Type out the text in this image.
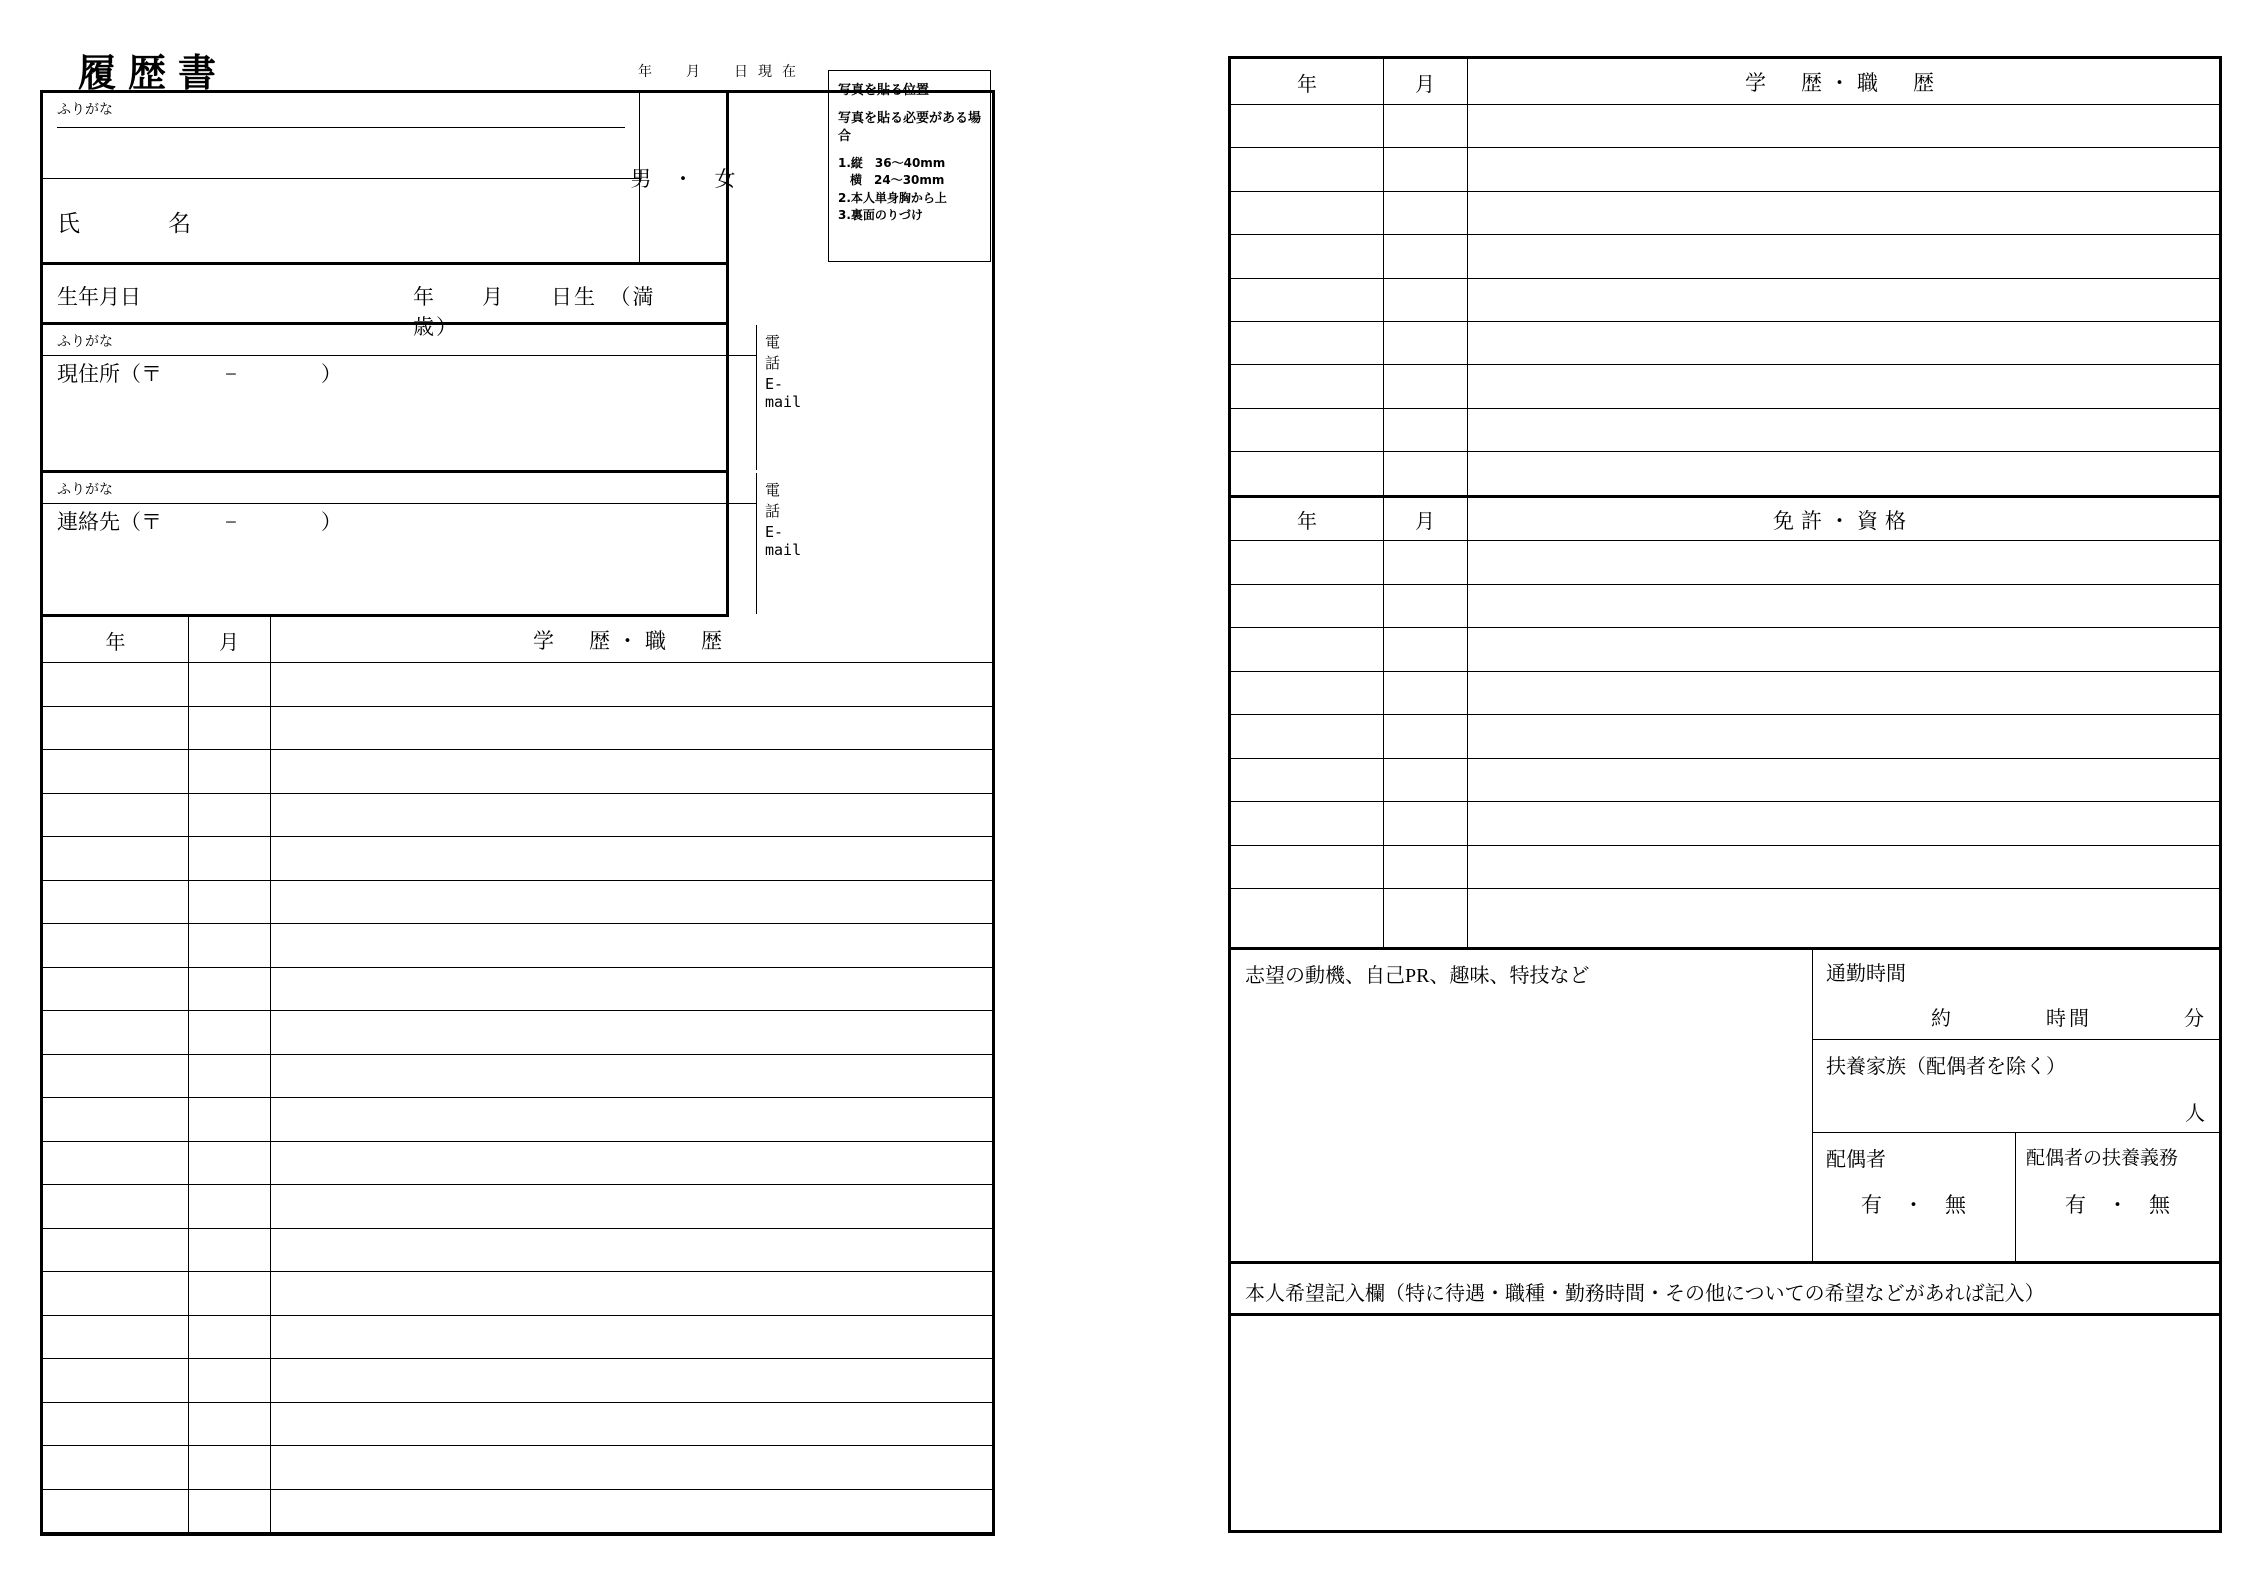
履歴書	年　月　日現在
写真を貼る位置
写真を貼る必要がある場合
1.縦　36〜40mm
　横　24〜30mm
2.本人単身胸から上
3.裏面のりづけ
ふりがな
氏　　名
男　・　女
生年月日	年　　月　　日生　（満　　歳）
ふりがな
現住所（〒　　　−　　　　）
電話
E-mail
ふりがな
連絡先（〒　　　−　　　　）
電話
E-mail
年	月	学　歴・職　歴
年	月	学　歴・職　歴
年	月	免許・資格
志望の動機、自己PR、趣味、特技など	通勤時間
約　　　　時間　　　　分
扶養家族（配偶者を除く）
人
配偶者
有　・　無
配偶者の扶養義務
有　・　無
本人希望記入欄（特に待遇・職種・勤務時間・その他についての希望などがあれば記入）
